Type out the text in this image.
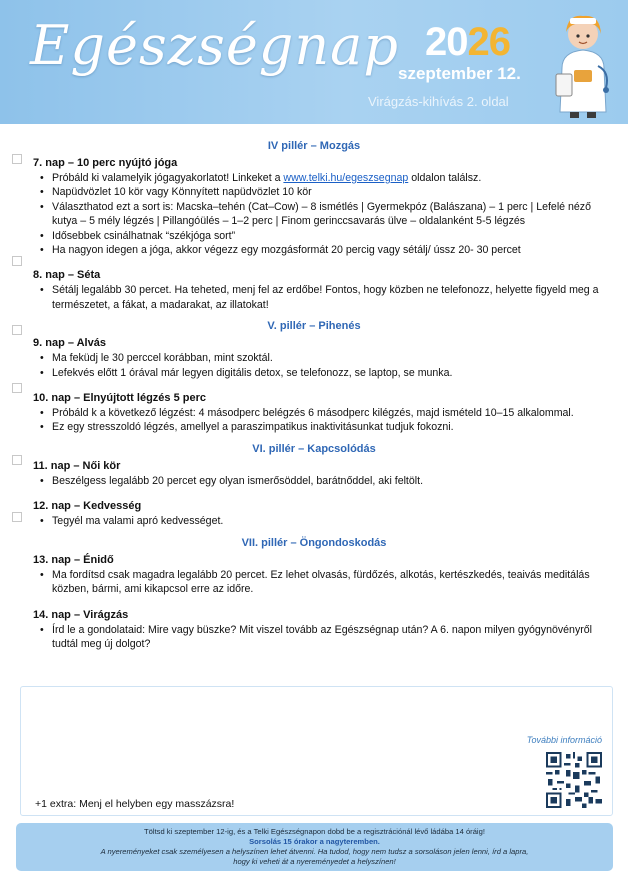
Egészségnap 2026
szeptember 12.
Virágzás-kihívás 2. oldal
IV pillér – Mozgás
7. nap – 10 perc nyújtó jóga
• Próbáld ki valamelyik jógagyakorlatot! Linkeket a www.telki.hu/egeszsegnap oldalon találsz.
• Napüdvözlet 10 kör vagy Könnyített napüdvözlet 10 kör
• Választhatod ezt a sort is: Macska–tehén (Cat–Cow) – 8 ismétlés | Gyermekpóz (Balászana) – 1 perc | Lefelé néző kutya – 5 mély légzés | Pillangóülés – 1–2 perc | Finom gerinccsavarás ülve – oldalanként 5-5 légzés
• Idősebbek csinálhatnak “székjóga sort”
• Ha nagyon idegen a jóga, akkor végezz egy mozgásformát 20 percig vagy sétálj/ ússz 20- 30 percet
8. nap – Séta
• Sétálj legalább 30 percet. Ha teheted, menj fel az erdőbe! Fontos, hogy közben ne telefonozz, helyette figyeld meg a természetet, a fákat, a madarakat, az illatokat!
V. pillér – Pihenés
9. nap – Alvás
• Ma feküdj le 30 perccel korábban, mint szoktál.
• Lefekvés előtt 1 órával már legyen digitális detox, se telefonozz, se laptop, se munka.
10. nap – Elnyújtott légzés 5 perc
• Próbáld k a következő légzést: 4 másodperc belégzés 6 másodperc kilégzés, majd ismételd 10–15 alkalommal.
• Ez egy stresszoldó légzés, amellyel a paraszimpatikus inaktivitásunkat tudjuk fokozni.
VI. pillér – Kapcsolódás
11. nap – Női kör
• Beszélgess legalább 20 percet egy olyan ismerősöddel, barátnőddel, aki feltölt.
12. nap – Kedvesség
• Tegyél ma valami apró kedvességet.
VII. pillér – Öngondoskodás
13. nap – Énidő
• Ma fordítsd csak magadra legalább 20 percet. Ez lehet olvasás, fürdőzés, alkotás, kertészkedés, teaivás meditálás közben, bármi, ami kikapcsol erre az időre.
14. nap – Virágzás
• Írd le a gondolataid: Mire vagy büszke? Mit viszel tovább az Egészségnap után? A 6. napon milyen gyógynövényről tudtál meg új dolgot?
További információ
+1 extra: Menj el helyben egy masszázsra!
Töltsd ki szeptember 12-ig, és a Telki Egészségnapon dobd be a regisztrációnál lévő ládába 14 óráig!
Sorsolás 15 órakor a nagyteremben.
A nyereményeket csak személyesen a helyszínen lehet átvenni. Ha tudod, hogy nem tudsz a sorsoláson jelen lenni, írd a lapra,
hogy ki veheti át a nyereményedet a helyszínen!
